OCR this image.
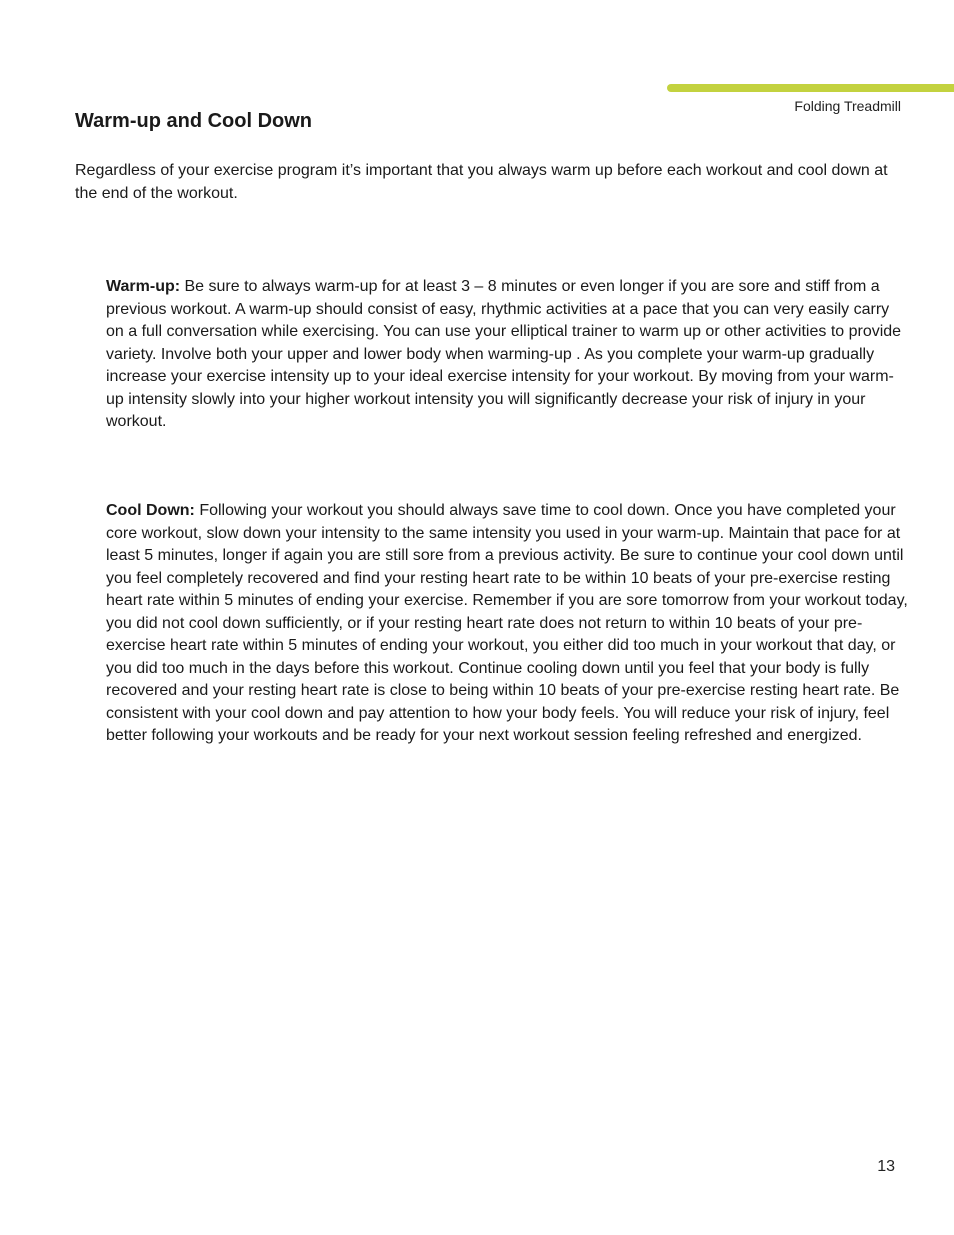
Folding Treadmill
Warm-up and Cool Down

Regardless of your exercise program it’s important that you always warm up before each workout and cool down at the end of the workout.

Warm-up: Be sure to always warm-up for at least 3 – 8 minutes or even longer if you are sore and stiff from a previous workout. A warm-up should consist of easy, rhythmic activities at a pace that you can very easily carry on a full conversation while exercising. You can use your elliptical trainer to warm up or other activities to provide variety. Involve both your upper and lower body when warming-up . As you complete your warm-up gradually increase your exercise intensity up to your ideal exercise intensity for your workout. By moving from your warm-up intensity slowly into your higher workout intensity you will significantly decrease your risk of injury in your workout.

Cool Down: Following your workout you should always save time to cool down. Once you have completed your core workout, slow down your intensity to the same intensity you used in your warm-up. Maintain that pace for at least 5 minutes, longer if again you are still sore from a previous activity. Be sure to continue your cool down until you feel completely recovered and find your resting heart rate to be within 10 beats of your pre-exercise resting heart rate within 5 minutes of ending your exercise. Remember if you are sore tomorrow from your workout today, you did not cool down sufficiently, or if your resting heart rate does not return to within 10 beats of your pre-exercise heart rate within 5 minutes of ending your workout, you either did too much in your workout that day, or you did too much in the days before this workout. Continue cooling down until you feel that your body is fully recovered and your resting heart rate is close to being within 10 beats of your pre-exercise resting heart rate. Be consistent with your cool down and pay attention to how your body feels. You will reduce your risk of injury, feel better following your workouts and be ready for your next workout session feeling refreshed and energized.

13
